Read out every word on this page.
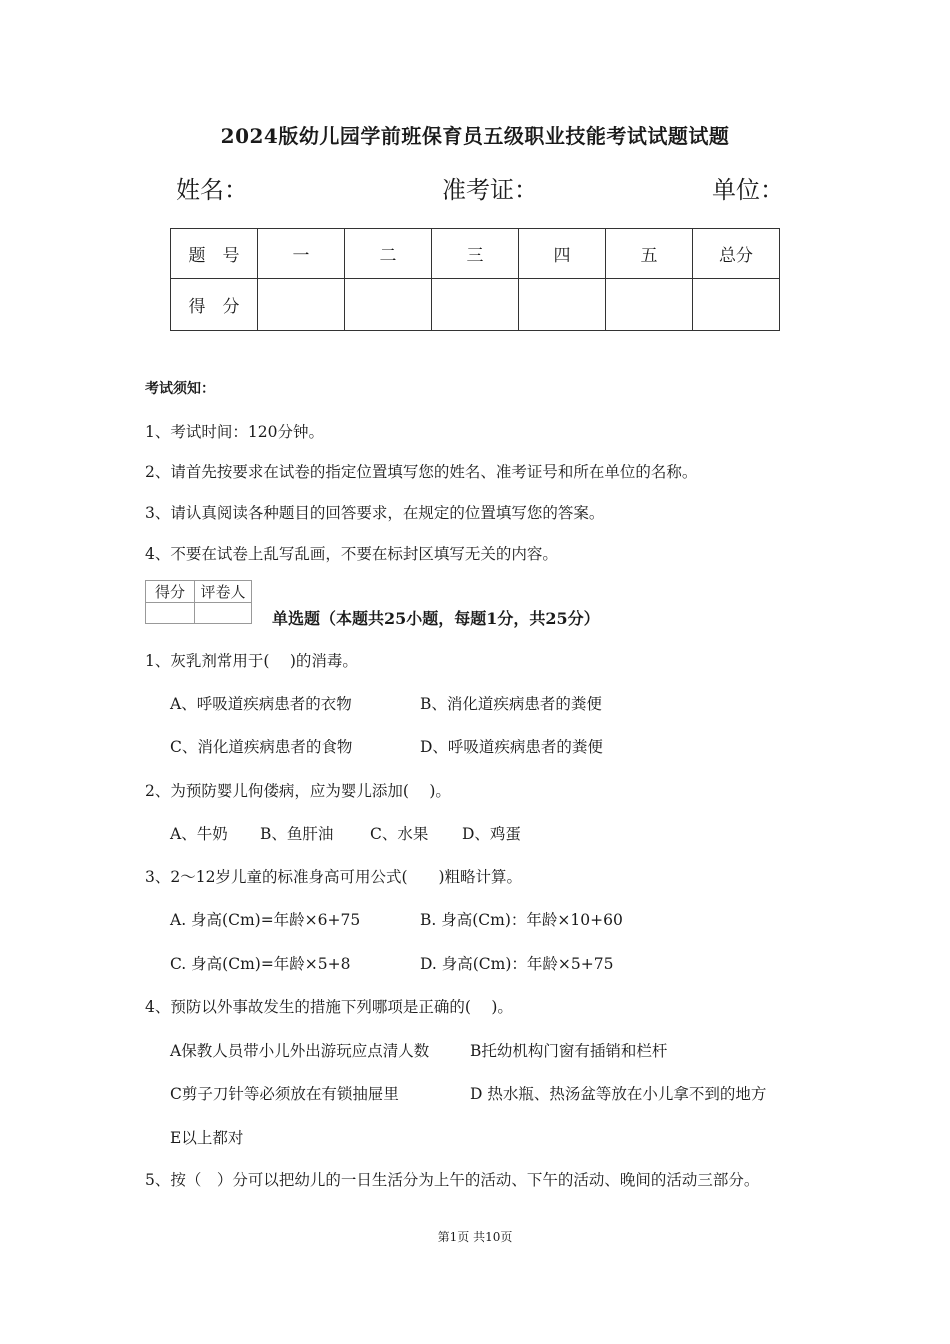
2024版幼儿园学前班保育员五级职业技能考试试题试题
姓名：	准考证：	单位：
题　号	一	二	三	四	五	总分
得　分						
考试须知：
1、考试时间：120分钟。
2、请首先按要求在试卷的指定位置填写您的姓名、准考证号和所在单位的名称。
3、请认真阅读各种题目的回答要求，在规定的位置填写您的答案。
4、不要在试卷上乱写乱画，不要在标封区填写无关的内容。
得分	评卷人

单选题（本题共25小题，每题1分，共25分）
1、灰乳剂常用于(　 )的消毒。
A、呼吸道疾病患者的衣物	B、消化道疾病患者的粪便
C、消化道疾病患者的食物	D、呼吸道疾病患者的粪便
2、为预防婴儿佝偻病，应为婴儿添加(　 )。
A、牛奶 B、鱼肝油 C、水果 D、鸡蛋
3、2～12岁儿童的标准身高可用公式(　　)粗略计算。
A. 身高(Cm)=年龄×6+75	B. 身高(Cm)：年龄×10+60
C. 身高(Cm)=年龄×5+8	D. 身高(Cm)：年龄×5+75
4、预防以外事故发生的措施下列哪项是正确的(　 )。
A保教人员带小儿外出游玩应点清人数	B托幼机构门窗有插销和栏杆
C剪子刀针等必须放在有锁抽屉里	D 热水瓶、热汤盆等放在小儿拿不到的地方
E以上都对
5、按（　）分可以把幼儿的一日生活分为上午的活动、下午的活动、晚间的活动三部分。
第1页 共10页
